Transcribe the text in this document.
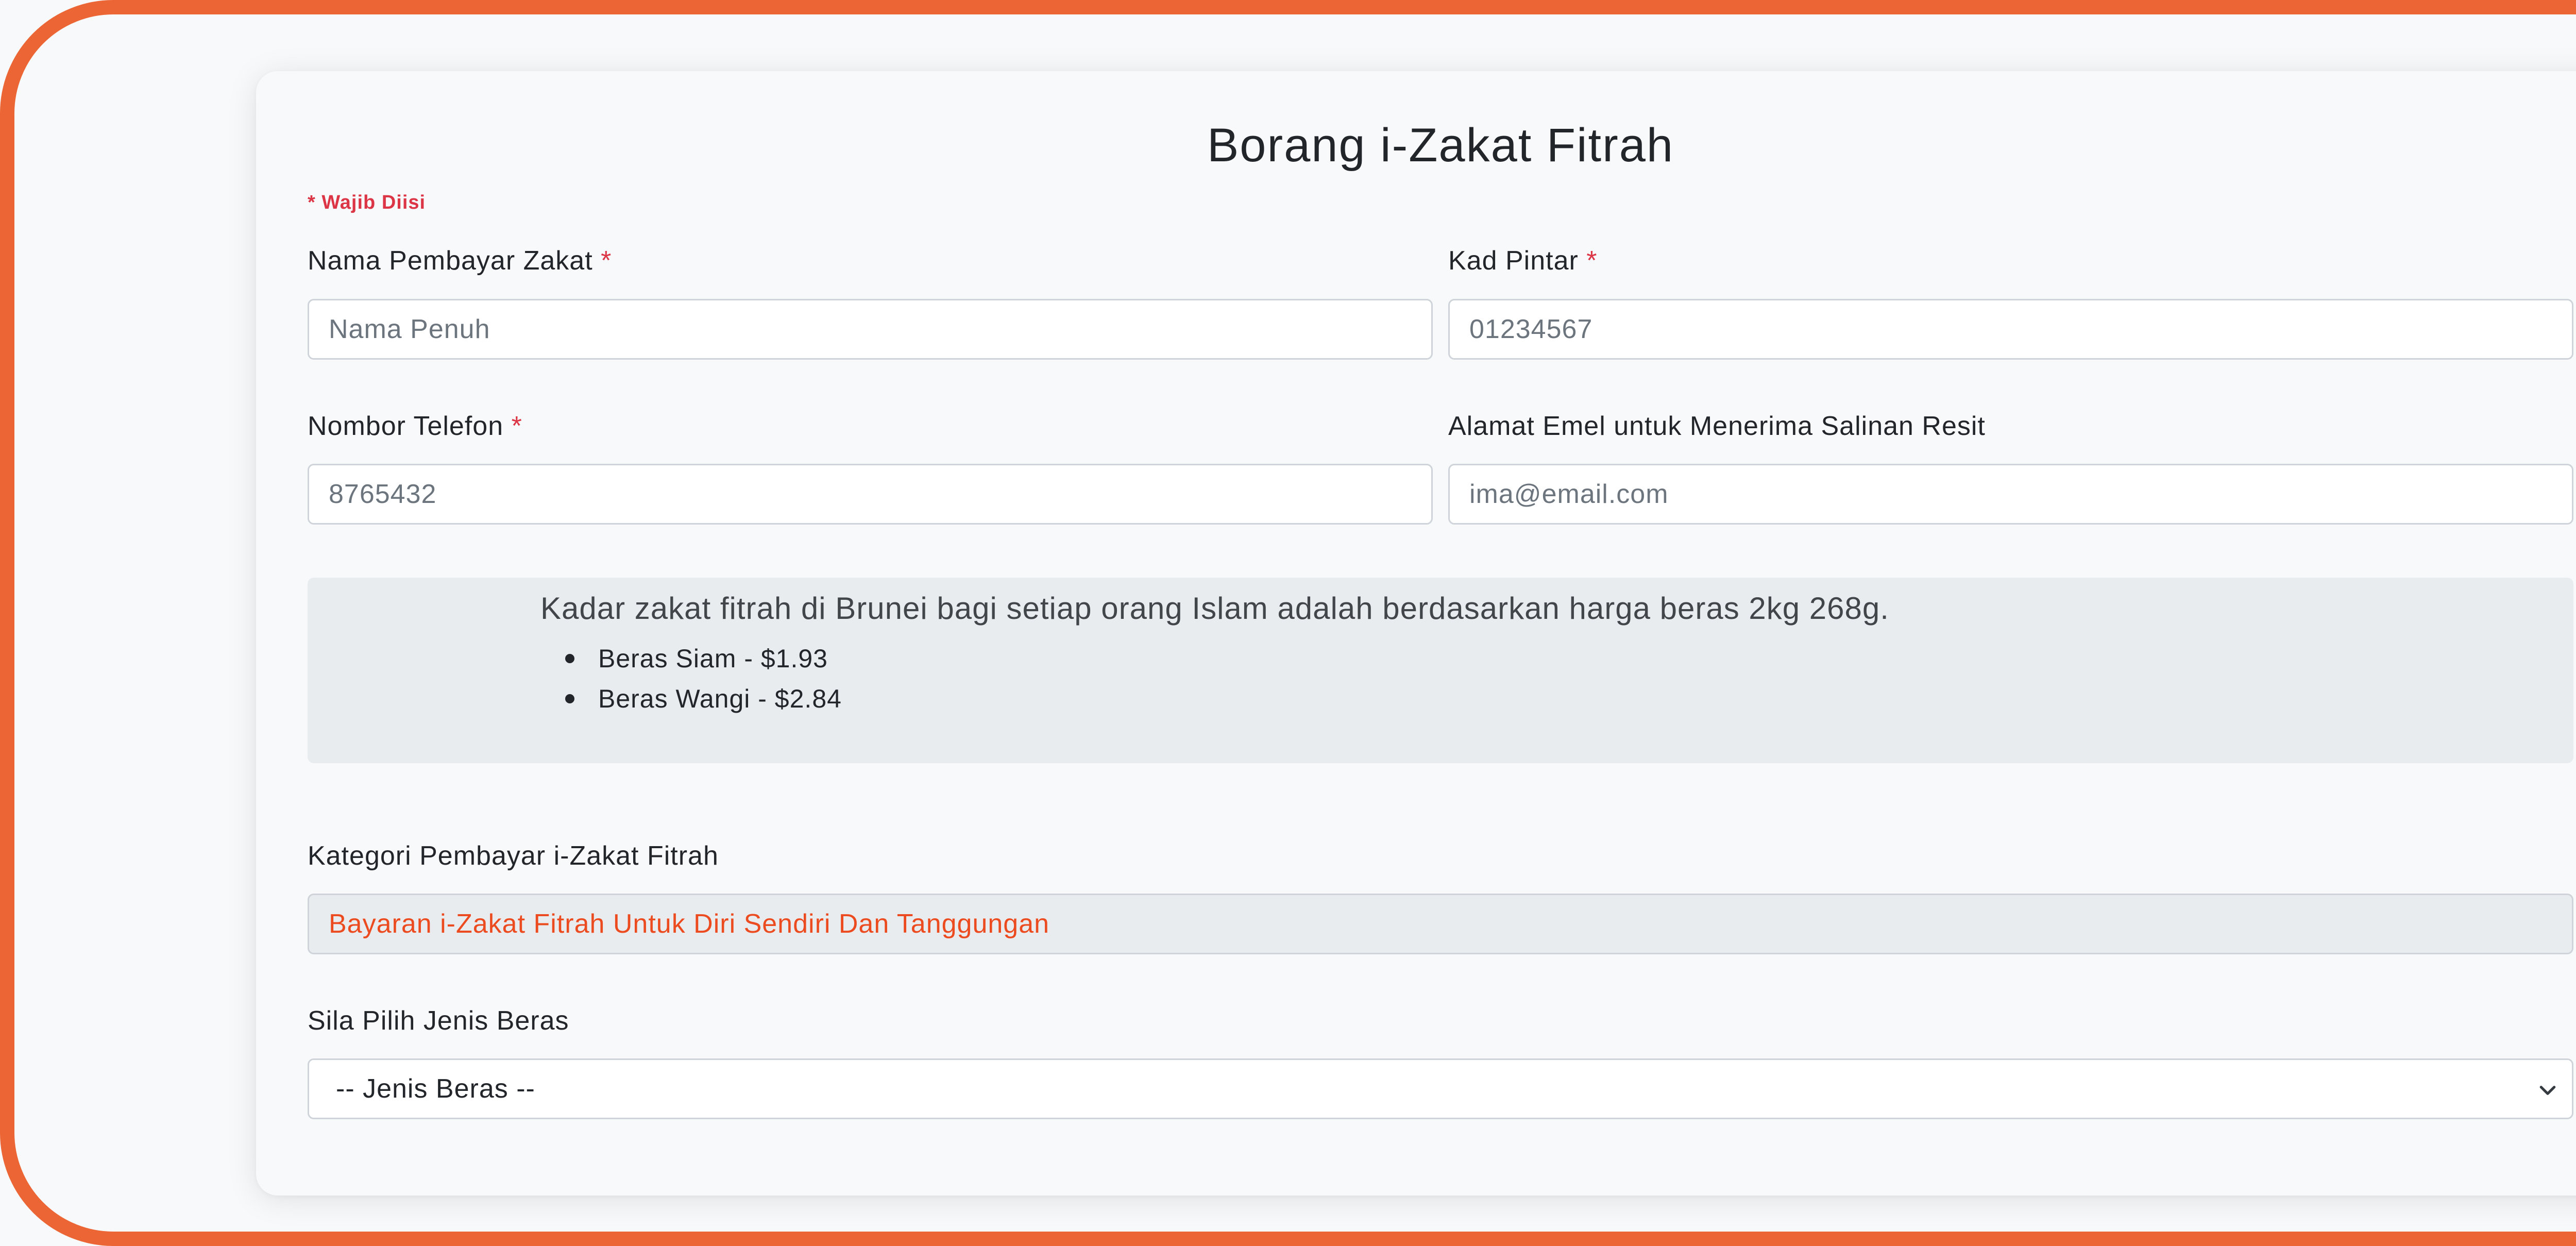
Borang i-Zakat Fitrah
* Wajib Diisi
Nama Pembayar Zakat *
Nama Penuh
Kad Pintar *
01234567
Nombor Telefon *
8765432
Alamat Emel untuk Menerima Salinan Resit
ima@email.com
Kadar zakat fitrah di Brunei bagi setiap orang Islam adalah berdasarkan harga beras 2kg 268g.
Beras Siam - $1.93
Beras Wangi - $2.84
Kategori Pembayar i-Zakat Fitrah
Bayaran i-Zakat Fitrah Untuk Diri Sendiri Dan Tanggungan
Sila Pilih Jenis Beras
-- Jenis Beras --
